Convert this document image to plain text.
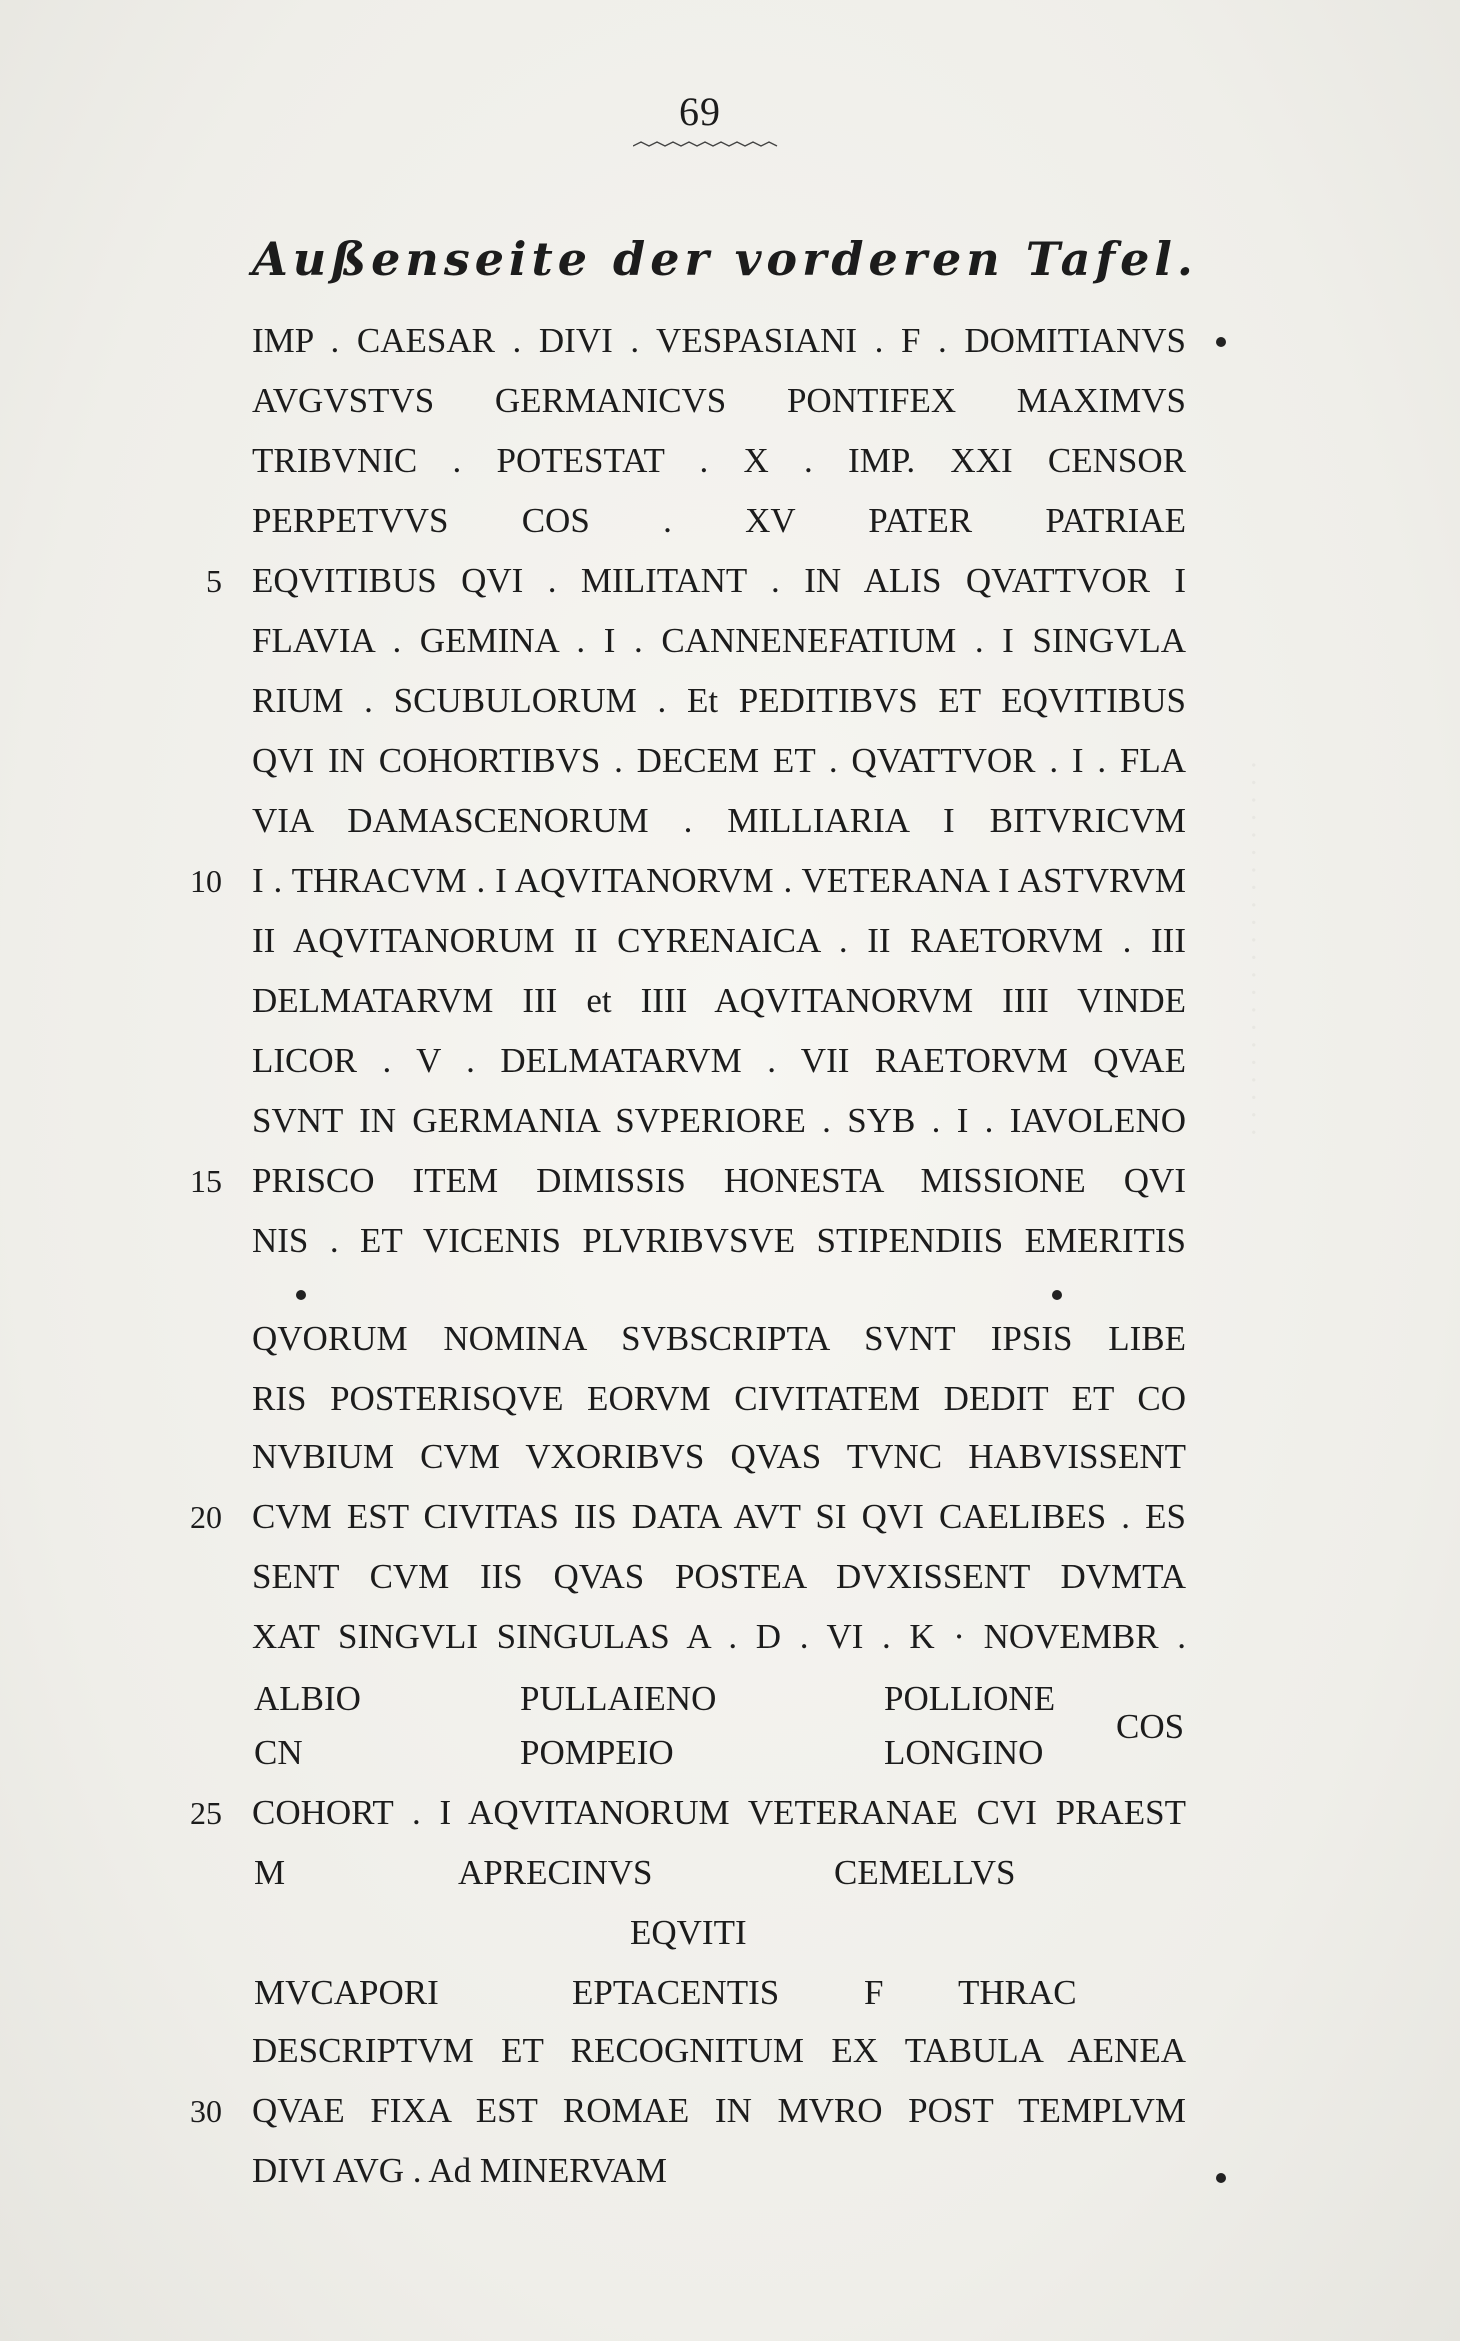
69
Außenseite der vorderen Tafel.
IMP . CAESAR . DIVI . VESPASIANI . F . DOMITIANVS
AVGVSTVS GERMANICVS PONTIFEX MAXIMVS
TRIBVNIC . POTESTAT . X . IMP. XXI CENSOR
PERPETVVS COS . XV PATER PATRIAE
EQVITIBUS QVI . MILITANT . IN ALIS QVATTVOR I
FLAVIA . GEMINA . I . CANNENEFATIUM . I SINGVLA
RIUM . SCUBULORUM . Et PEDITIBVS ET EQVITIBUS
QVI IN COHORTIBVS . DECEM ET . QVATTVOR . I . FLA
VIA DAMASCENORUM . MILLIARIA I BITVRICVM
I . THRACVM . I AQVITANORVM . VETERANA I ASTVRVM
II AQVITANORUM II CYRENAICA . II RAETORVM . III
DELMATARVM III et IIII AQVITANORVM IIII VINDE
LICOR . V . DELMATARVM . VII RAETORVM QVAE
SVNT IN GERMANIA SVPERIORE . SYB . I . IAVOLENO
PRISCO ITEM DIMISSIS HONESTA MISSIONE QVI
NIS . ET VICENIS PLVRIBVSVE STIPENDIIS EMERITIS
QVORUM NOMINA SVBSCRIPTA SVNT IPSIS LIBE
RIS POSTERISQVE EORVM CIVITATEM DEDIT ET CO
NVBIUM CVM VXORIBVS QVAS TVNC HABVISSENT
CVM EST CIVITAS IIS DATA AVT SI QVI CAELIBES . ES
SENT CVM IIS QVAS POSTEA DVXISSENT DVMTA
XAT SINGVLI SINGULAS A . D . VI . K · NOVEMBR .
5
10
15
20
25
30
ALBIO	PULLAIENO	POLLIONE
CN	POMPEIO	LONGINO
COS
COHORT . I AQVITANORUM VETERANAE CVI PRAEST
M	APRECINVS	CEMELLVS
EQVITI
MVCAPORI	EPTACENTIS F THRAC
DESCRIPTVM ET RECOGNITUM EX TABULA AENEA
QVAE FIXA EST ROMAE IN MVRO POST TEMPLVM
DIVI AVG . Ad MINERVAM
